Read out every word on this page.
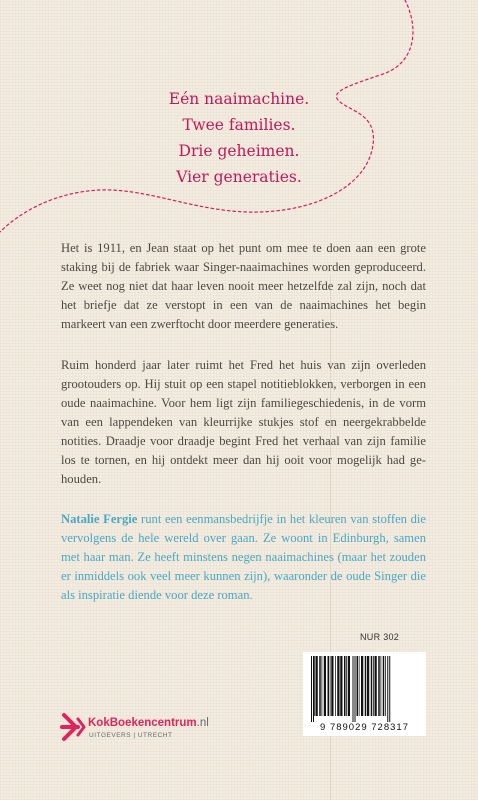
Eén naaimachine.
Twee families.
Drie geheimen.
Vier generaties.
Het is 1911, en Jean staat op het punt om mee te doen aan een grote staking bij de fabriek waar Singer-naaimachines worden geproduceerd. Ze weet nog niet dat haar leven nooit meer hetzelfde zal zijn, noch dat het briefje dat ze verstopt in een van de naaimachines het begin markeert van een zwerftocht door meerdere generaties.
Ruim honderd jaar later ruimt het Fred het huis van zijn overleden grootouders op. Hij stuit op een stapel notitieblokken, verborgen in een oude naaimachine. Voor hem ligt zijn familiegeschiedenis, in de vorm van een lappendeken van kleurrijke stukjes stof en neergekrabbelde notities. Draadje voor draadje begint Fred het verhaal van zijn familie los te tornen, en hij ontdekt meer dan hij ooit voor mogelijk had ge-houden.
Natalie Fergie runt een eenmansbedrijfje in het kleuren van stoffen die vervolgens de hele wereld over gaan. Ze woont in Edinburgh, samen met haar man. Ze heeft minstens negen naaimachines (maar het zouden er inmiddels ook veel meer kunnen zijn), waaronder de oude Singer die als inspiratie diende voor deze roman.
NUR 302
9 789029 728317
KokBoekencentrum.nl
UITGEVERS | UTRECHT
